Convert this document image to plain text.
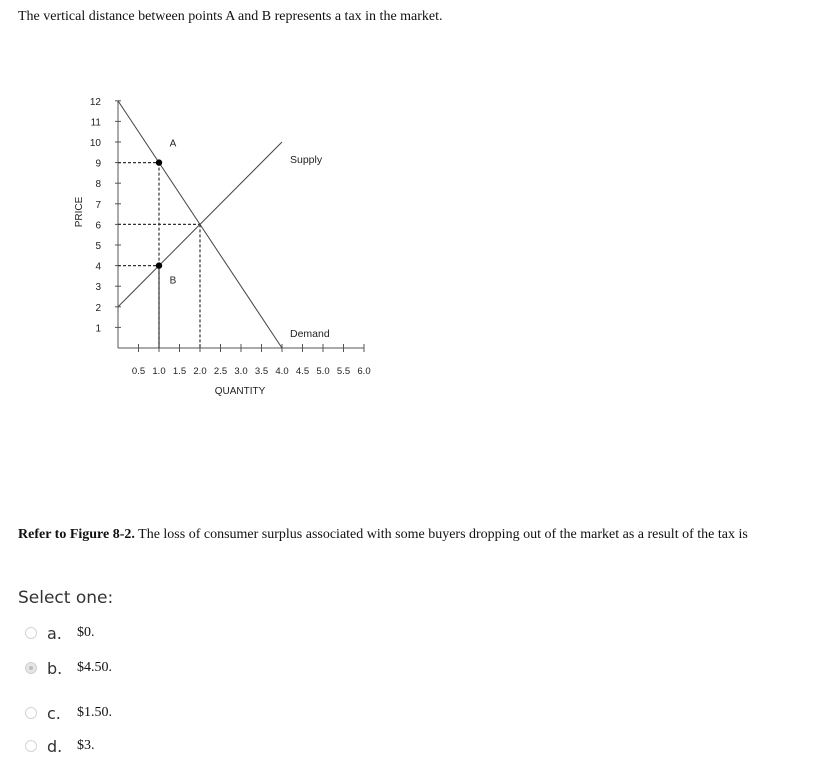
The vertical distance between points A and B represents a tax in the market.
1
2
3
4
5
6
7
8
9
10
11
12
0.5 1.0 1.5 2.0 2.5 3.0 3.5 4.0 4.5 5.0 5.5 6.0
PRICE
QUANTITY
Supply
Demand
A
B
Refer to Figure 8-2. The loss of consumer surplus associated with some buyers dropping out of the market as a result of the tax is
Select one:
a.	$0.
b.	$4.50.
c.	$1.50.
d.	$3.
